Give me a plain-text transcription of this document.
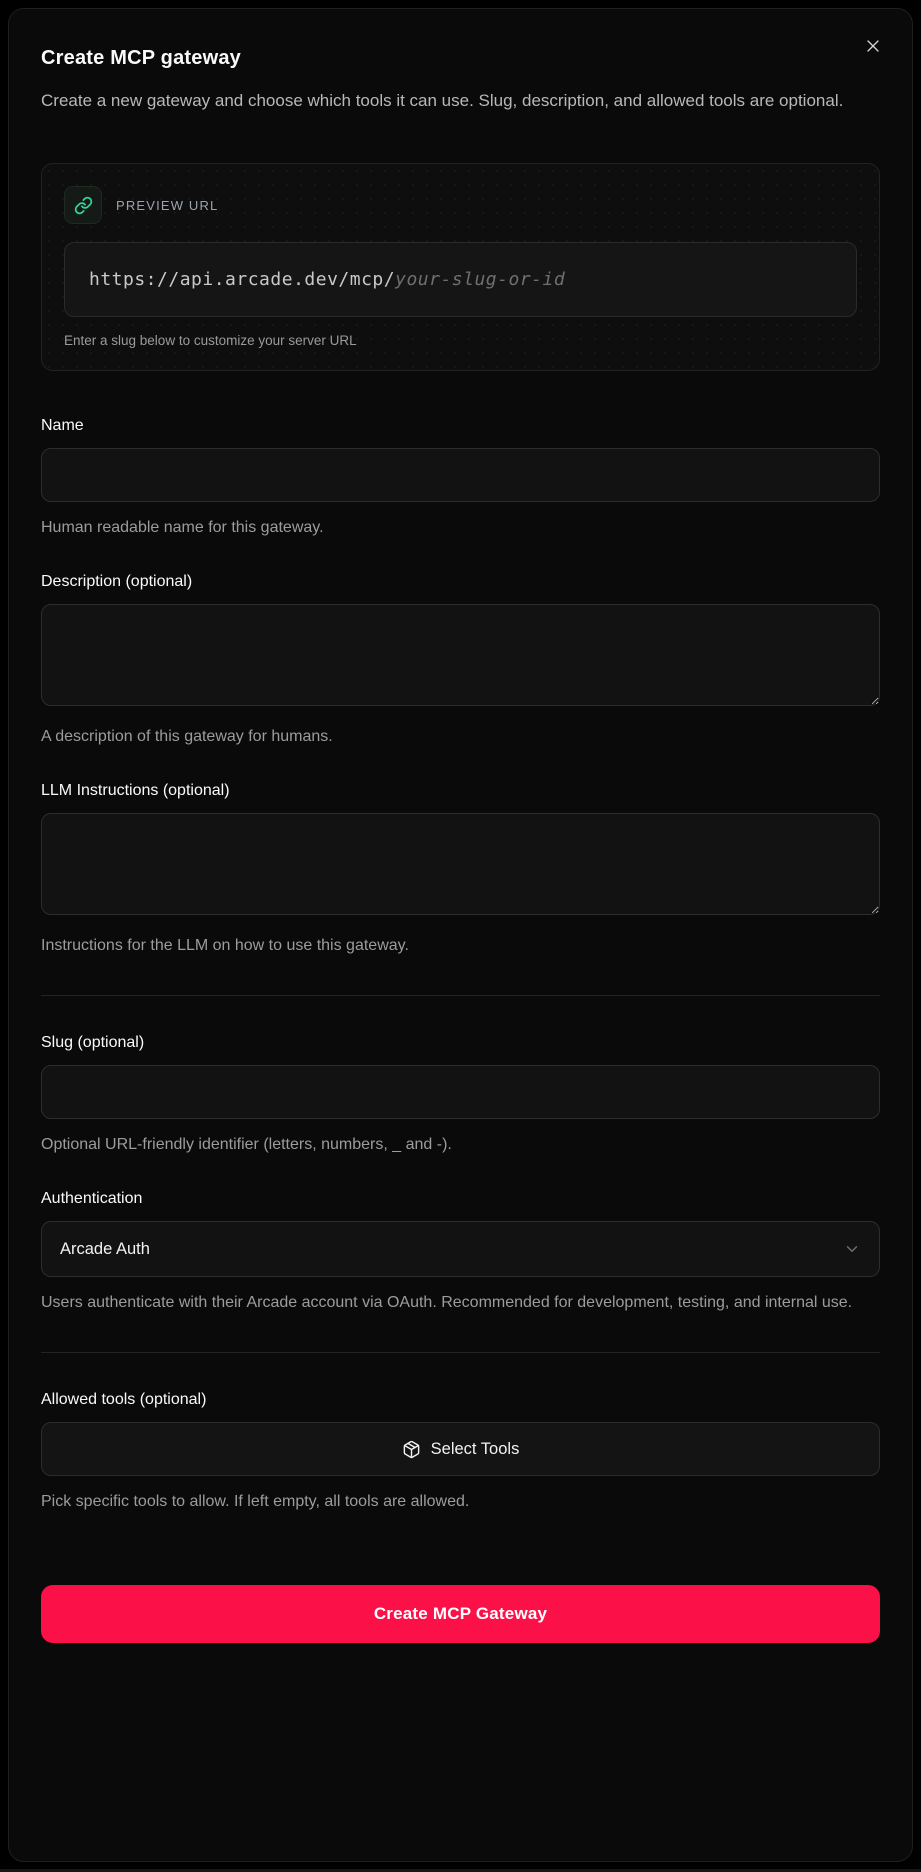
Create MCP gateway

Create a new gateway and choose which tools it can use. Slug, description, and allowed tools are optional.

PREVIEW URL
https://api.arcade.dev/mcp/your-slug-or-id
Enter a slug below to customize your server URL
Name
Human readable name for this gateway.
Description (optional)
A description of this gateway for humans.
LLM Instructions (optional)
Instructions for the LLM on how to use this gateway.
Slug (optional)
Optional URL-friendly identifier (letters, numbers, _ and -).
Authentication
Arcade Auth
Users authenticate with their Arcade account via OAuth. Recommended for development, testing, and internal use.
Allowed tools (optional)
Select Tools
Pick specific tools to allow. If left empty, all tools are allowed.
Create MCP Gateway
